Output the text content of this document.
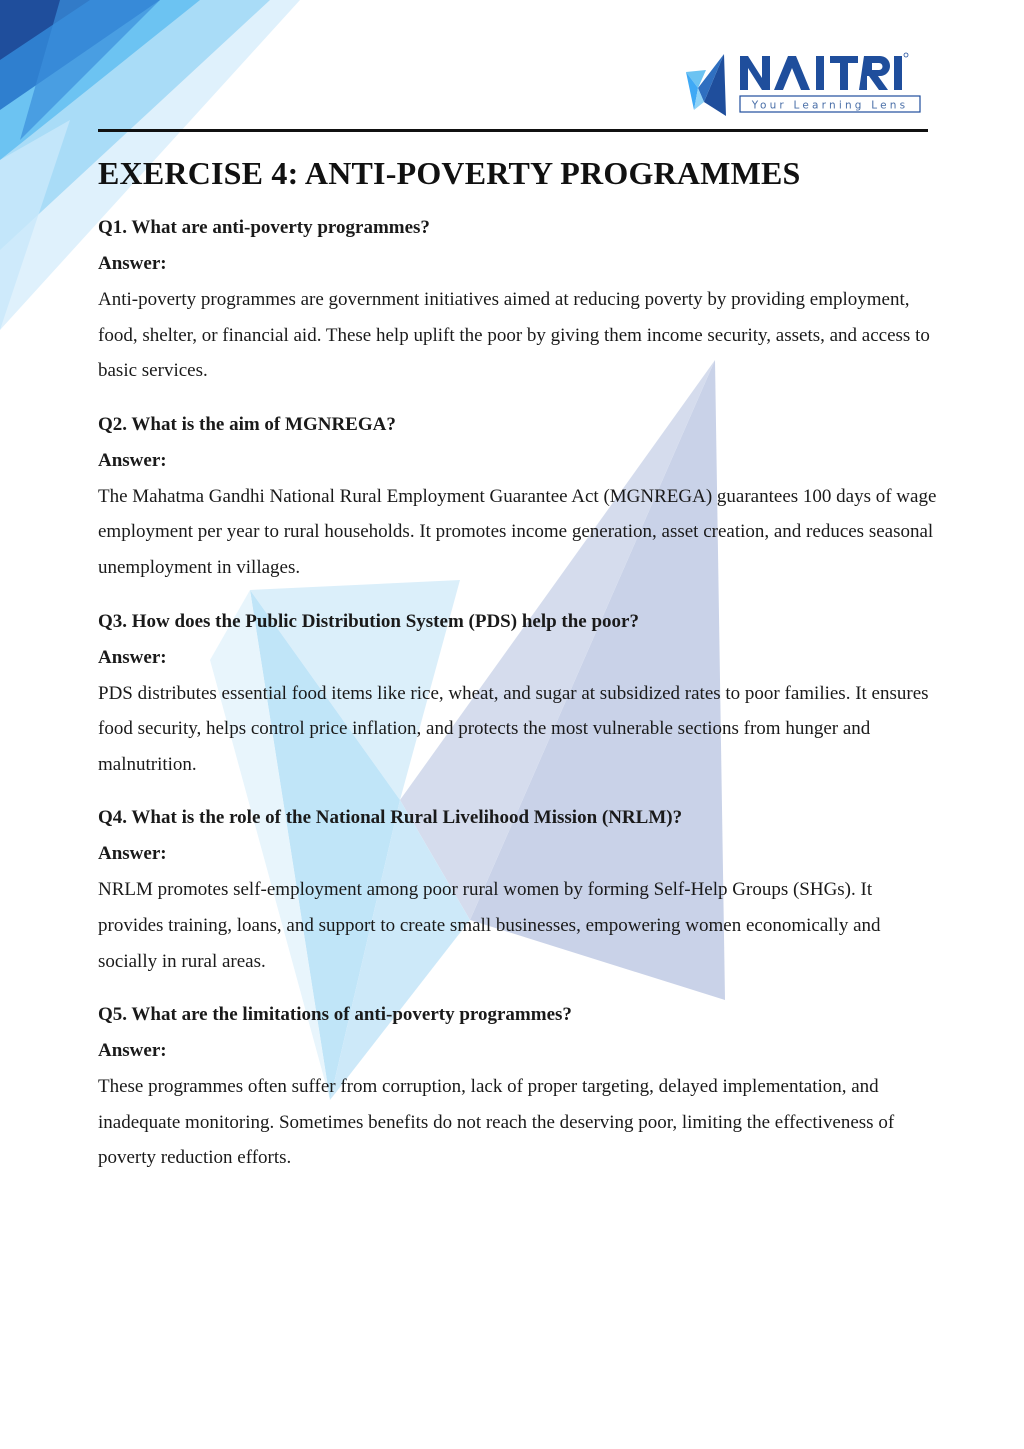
Your Learning Lens
EXERCISE 4: ANTI-POVERTY PROGRAMMES

Q1. What are anti-poverty programmes?

Answer:

Anti-poverty programmes are government initiatives aimed at reducing poverty by providing employment, food, shelter, or financial aid. These help uplift the poor by giving them income security, assets, and access to basic services.

Q2. What is the aim of MGNREGA?

Answer:

The Mahatma Gandhi National Rural Employment Guarantee Act (MGNREGA) guarantees 100 days of wage employment per year to rural households. It promotes income generation, asset creation, and reduces seasonal unemployment in villages.

Q3. How does the Public Distribution System (PDS) help the poor?

Answer:

PDS distributes essential food items like rice, wheat, and sugar at subsidized rates to poor families. It ensures food security, helps control price inflation, and protects the most vulnerable sections from hunger and malnutrition.

Q4. What is the role of the National Rural Livelihood Mission (NRLM)?

Answer:

NRLM promotes self-employment among poor rural women by forming Self-Help Groups (SHGs). It provides training, loans, and support to create small businesses, empowering women economically and socially in rural areas.

Q5. What are the limitations of anti-poverty programmes?

Answer:

These programmes often suffer from corruption, lack of proper targeting, delayed implementation, and inadequate monitoring. Sometimes benefits do not reach the deserving poor, limiting the effectiveness of poverty reduction efforts.
